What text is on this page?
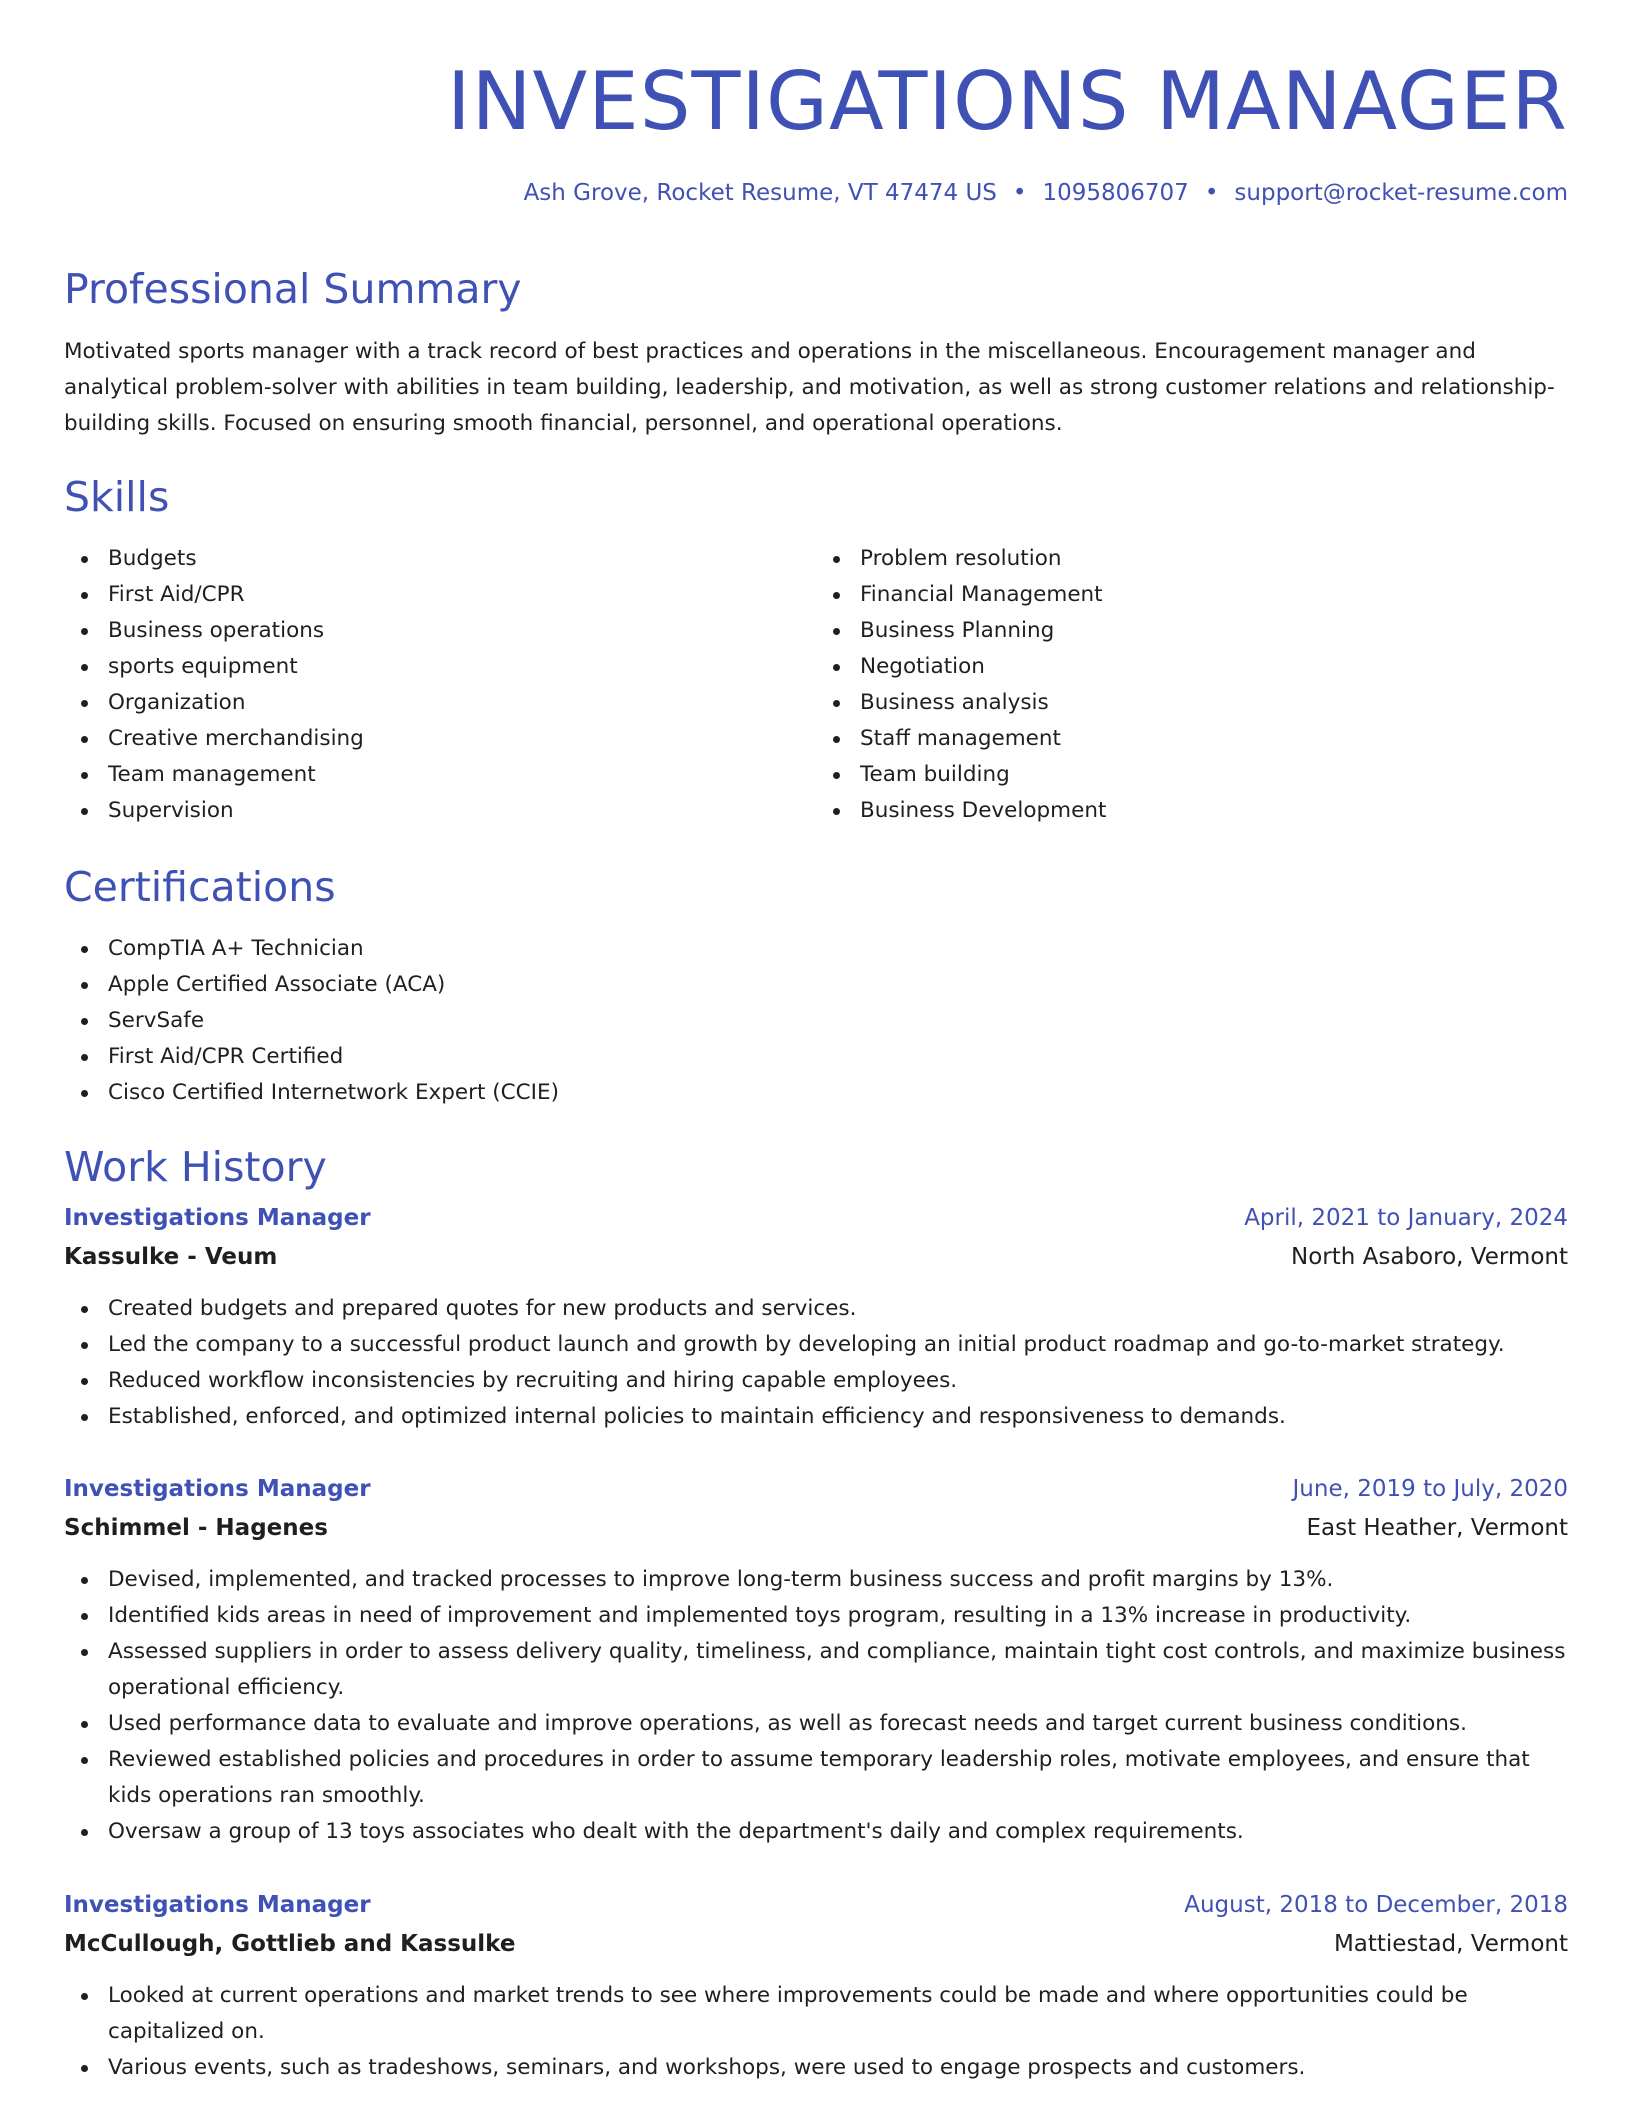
INVESTIGATIONS MANAGER
Ash Grove, Rocket Resume, VT 47474 US • 1095806707 • support@rocket-resume.com
Professional Summary

Motivated sports manager with a track record of best practices and operations in the miscellaneous. Encouragement manager and analytical problem-solver with abilities in team building, leadership, and motivation, as well as strong customer relations and relationship-building skills. Focused on ensuring smooth financial, personnel, and operational operations.

Skills
Budgets
First Aid/CPR
Business operations
sports equipment
Organization
Creative merchandising
Team management
Supervision
Problem resolution
Financial Management
Business Planning
Negotiation
Business analysis
Staff management
Team building
Business Development
Certifications
CompTIA A+ Technician
Apple Certified Associate (ACA)
ServSafe
First Aid/CPR Certified
Cisco Certified Internetwork Expert (CCIE)
Work History
Investigations Manager	April, 2021 to January, 2024
Kassulke - Veum	North Asaboro, Vermont
Created budgets and prepared quotes for new products and services.
Led the company to a successful product launch and growth by developing an initial product roadmap and go-to-market strategy.
Reduced workflow inconsistencies by recruiting and hiring capable employees.
Established, enforced, and optimized internal policies to maintain efficiency and responsiveness to demands.
Investigations Manager	June, 2019 to July, 2020
Schimmel - Hagenes	East Heather, Vermont
Devised, implemented, and tracked processes to improve long-term business success and profit margins by 13%.
Identified kids areas in need of improvement and implemented toys program, resulting in a 13% increase in productivity.
Assessed suppliers in order to assess delivery quality, timeliness, and compliance, maintain tight cost controls, and maximize business operational efficiency.
Used performance data to evaluate and improve operations, as well as forecast needs and target current business conditions.
Reviewed established policies and procedures in order to assume temporary leadership roles, motivate employees, and ensure that kids operations ran smoothly.
Oversaw a group of 13 toys associates who dealt with the department's daily and complex requirements.
Investigations Manager	August, 2018 to December, 2018
McCullough, Gottlieb and Kassulke	Mattiestad, Vermont
Looked at current operations and market trends to see where improvements could be made and where opportunities could be capitalized on.
Various events, such as tradeshows, seminars, and workshops, were used to engage prospects and customers.
